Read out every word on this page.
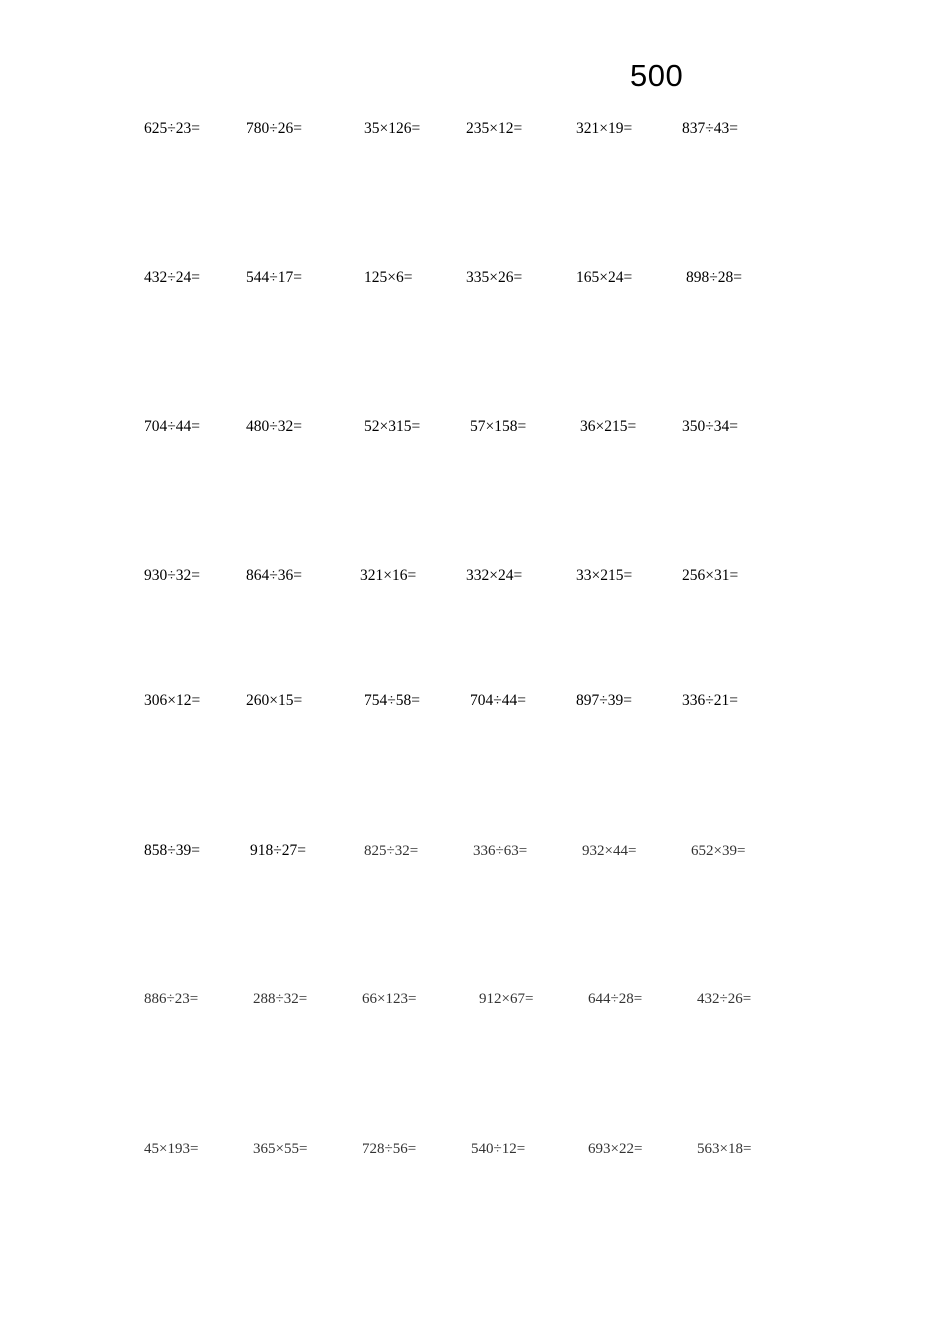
500
625÷23=	780÷26=	35×126=	235×12=	321×19=	837÷43=
432÷24=	544÷17=	125×6=	335×26=	165×24=	898÷28=
704÷44=	480÷32=	52×315=	57×158=	36×215=	350÷34=
930÷32=	864÷36=	321×16=	332×24=	33×215=	256×31=
306×12=	260×15=	754÷58=	704÷44=	897÷39=	336÷21=
858÷39=	918÷27=	825÷32=	336÷63=	932×44=	652×39=
886÷23=	288÷32=	66×123=	912×67=	644÷28=	432÷26=
45×193=	365×55=	728÷56=	540÷12=	693×22=	563×18=
